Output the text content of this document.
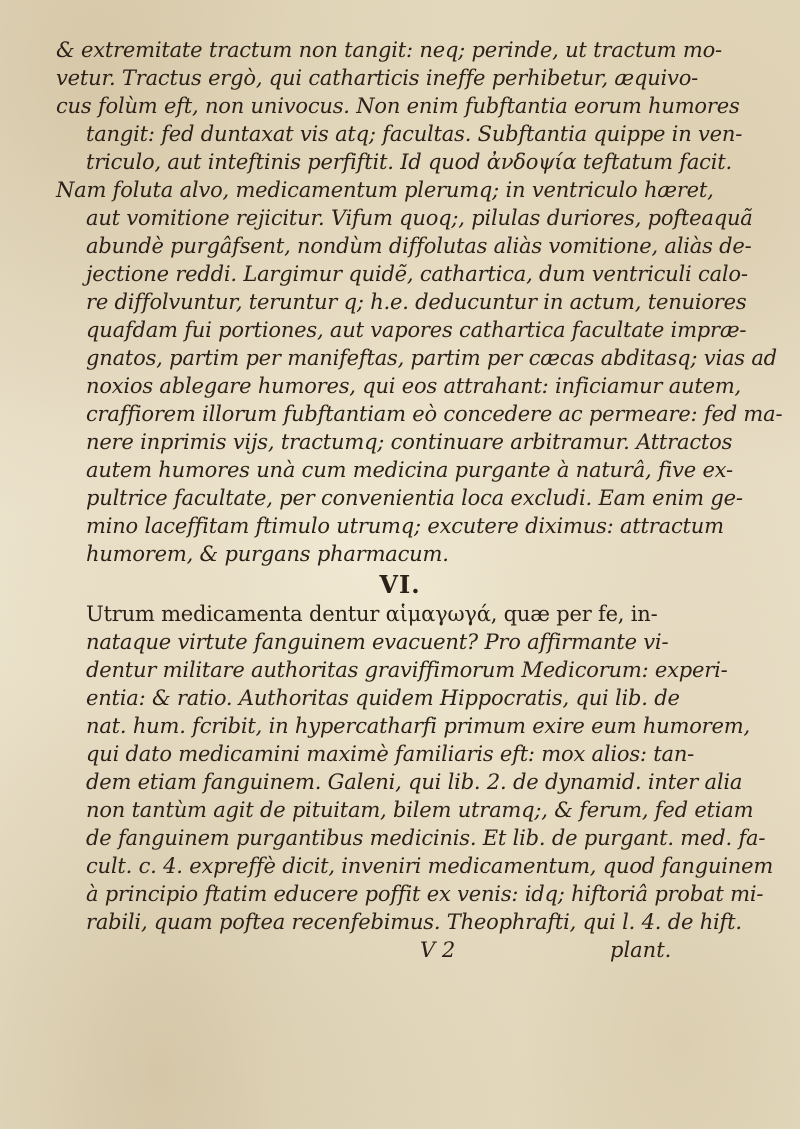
& extremitate tractum non tangit: neq; perinde, ut tractum mo-
vetur. Tractus ergò, qui catharticis ineffe perhibetur, æquivo-
cus folùm eft, non univocus. Non enim fubftantia eorum humores
tangit: fed duntaxat vis atq; facultas. Subftantia quippe in ven-
triculo, aut inteftinis perfiftit. Id quod ἀνδοψία teftatum facit.
Nam foluta alvo, medicamentum plerumq; in ventriculo hæret,
aut vomitione rejicitur. Vifum quoq;, pilulas duriores, pofteaquã
abundè purgâfsent, nondùm diffolutas aliàs vomitione, aliàs de-
jectione reddi. Largimur quidẽ, cathartica, dum ventriculi calo-
re diffolvuntur, teruntur q; h.e. deducuntur in actum, tenuiores
quafdam fui portiones, aut vapores cathartica facultate impræ-
gnatos, partim per manifeftas, partim per cæcas abditasq; vias ad
noxios ablegare humores, qui eos attrahant: inficiamur autem,
craffiorem illorum fubftantiam eò concedere ac permeare: fed ma-
nere inprimis vijs, tractumq; continuare arbitramur. Attractos
autem humores unà cum medicina purgante à naturâ, five ex-
pultrice facultate, per convenientia loca excludi. Eam enim ge-
mino laceffitam ftimulo utrumq; excutere diximus: attractum
humorem, & purgans pharmacum.
VI.
Utrum medicamenta dentur αἱμαγωγά, quæ per fe, in-
nataque virtute fanguinem evacuent? Pro affirmante vi-
dentur militare authoritas graviffimorum Medicorum: experi-
entia: & ratio. Authoritas quidem Hippocratis, qui lib. de
nat. hum. fcribit, in hypercatharfi primum exire eum humorem,
qui dato medicamini maximè familiaris eft: mox alios: tan-
dem etiam fanguinem. Galeni, qui lib. 2. de dynamid. inter alia
non tantùm agit de pituitam, bilem utramq;, & ferum, fed etiam
de fanguinem purgantibus medicinis. Et lib. de purgant. med. fa-
cult. c. 4. expreffè dicit, inveniri medicamentum, quod fanguinem
à principio ftatim educere poffit ex venis: idq; hiftoriâ probat mi-
rabili, quam poftea recenfebimus. Theophrafti, qui l. 4. de hift.
V 2	plant.
